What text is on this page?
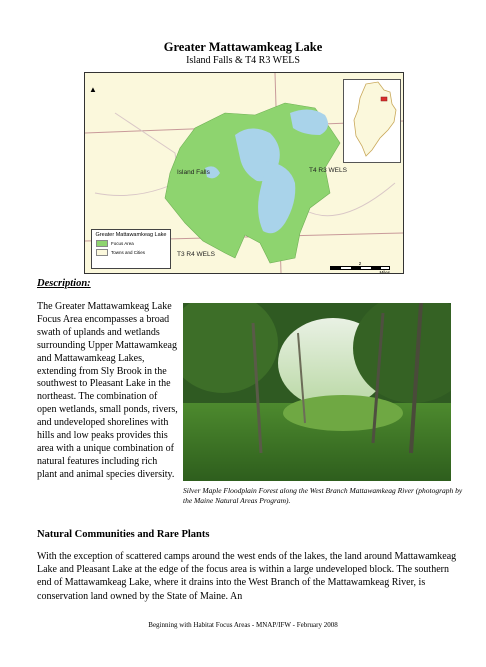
Greater Mattawamkeag Lake
Island Falls & T4 R3 WELS
Island Falls	T4 R3 WELS
T3 R4 WELS
▲
Greater Mattawamkeag Lake
Focus Area
Towns and Cities
2
Miles
Description:
The Greater Mattawamkeag Lake Focus Area encompasses a broad swath of uplands and wetlands surrounding Upper Mattawamkeag and Mattawamkeag Lakes, extending from Sly Brook in the southwest to Pleasant Lake in the northeast. The combination of open wetlands, small ponds, rivers, and undeveloped shorelines with hills and low peaks provides this area with a unique combination of natural features including rich plant and animal species diversity.
Silver Maple Floodplain Forest along the West Branch Mattawamkeag River (photograph by the Maine Natural Areas Program).
Natural Communities and Rare Plants
With the exception of scattered camps around the west ends of the lakes, the land around Mattawamkeag Lake and Pleasant Lake at the edge of the focus area is within a large undeveloped block. The southern end of Mattawamkeag Lake, where it drains into the West Branch of the Mattawamkeag River, is conservation land owned by the State of Maine. An
Beginning with Habitat Focus Areas - MNAP/IFW - February 2008
